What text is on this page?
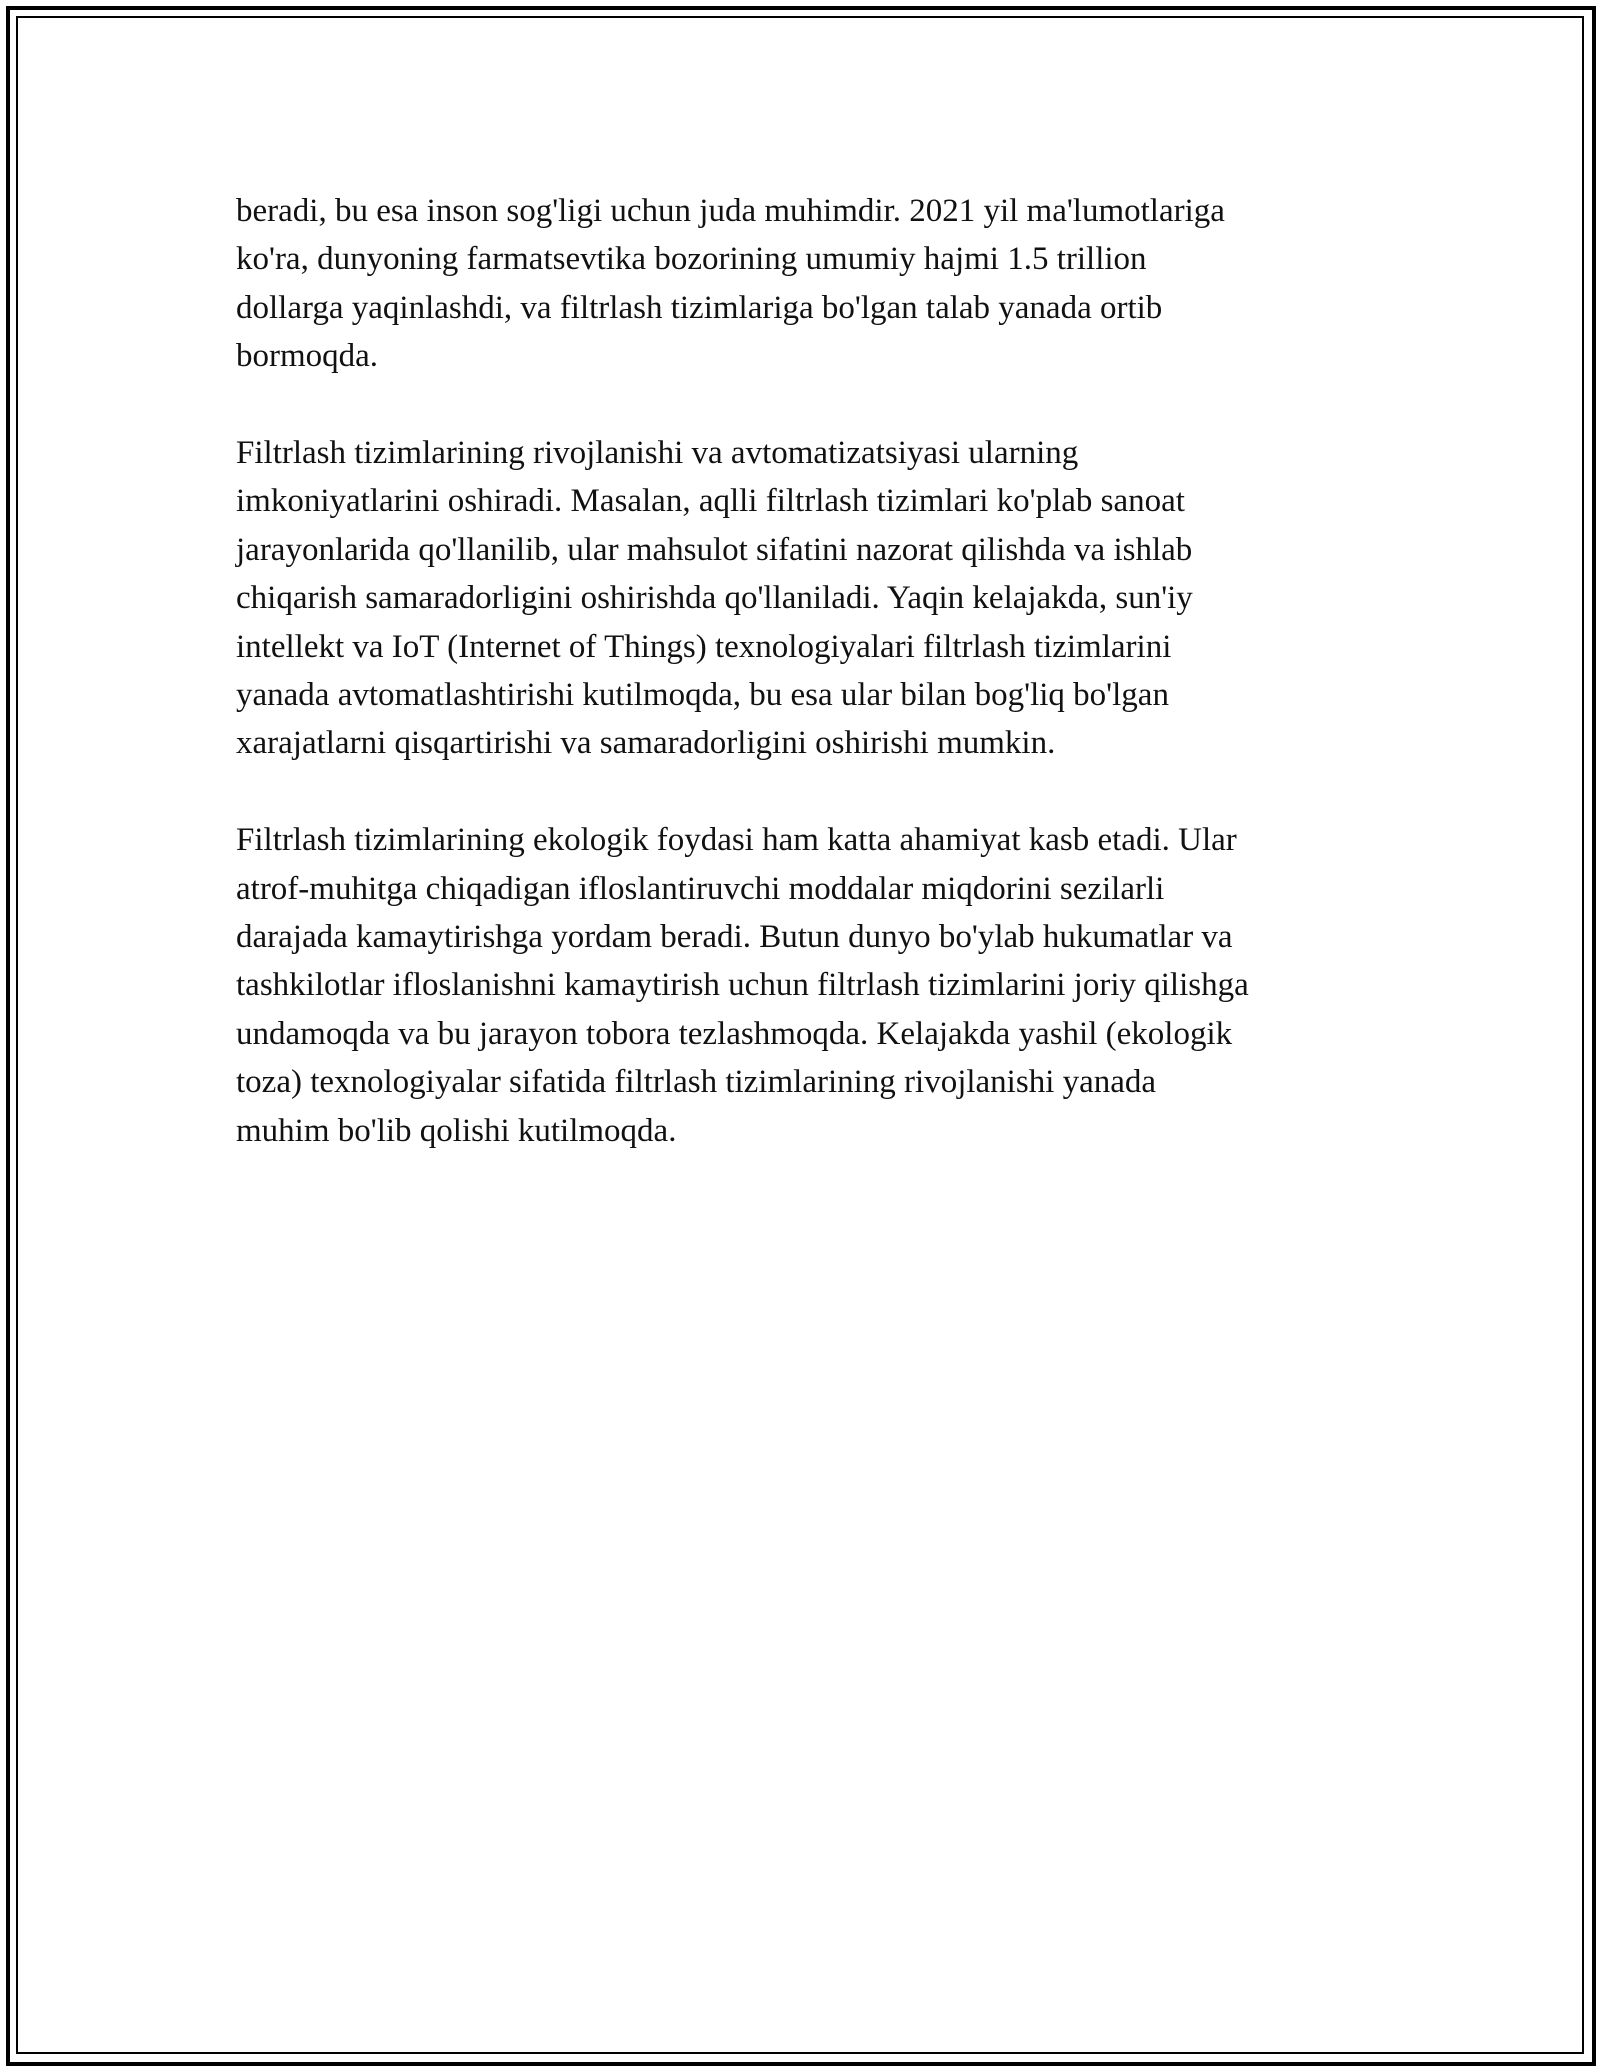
beradi, bu esa inson sog'ligi uchun juda muhimdir. 2021 yil ma'lumotlariga
ko'ra, dunyoning farmatsevtika bozorining umumiy hajmi 1.5 trillion
dollarga yaqinlashdi, va filtrlash tizimlariga bo'lgan talab yanada ortib
bormoqda.

Filtrlash tizimlarining rivojlanishi va avtomatizatsiyasi ularning
imkoniyatlarini oshiradi. Masalan, aqlli filtrlash tizimlari ko'plab sanoat
jarayonlarida qo'llanilib, ular mahsulot sifatini nazorat qilishda va ishlab
chiqarish samaradorligini oshirishda qo'llaniladi. Yaqin kelajakda, sun'iy
intellekt va IoT (Internet of Things) texnologiyalari filtrlash tizimlarini
yanada avtomatlashtirishi kutilmoqda, bu esa ular bilan bog'liq bo'lgan
xarajatlarni qisqartirishi va samaradorligini oshirishi mumkin.

Filtrlash tizimlarining ekologik foydasi ham katta ahamiyat kasb etadi. Ular
atrof-muhitga chiqadigan ifloslantiruvchi moddalar miqdorini sezilarli
darajada kamaytirishga yordam beradi. Butun dunyo bo'ylab hukumatlar va
tashkilotlar ifloslanishni kamaytirish uchun filtrlash tizimlarini joriy qilishga
undamoqda va bu jarayon tobora tezlashmoqda. Kelajakda yashil (ekologik
toza) texnologiyalar sifatida filtrlash tizimlarining rivojlanishi yanada
muhim bo'lib qolishi kutilmoqda.
